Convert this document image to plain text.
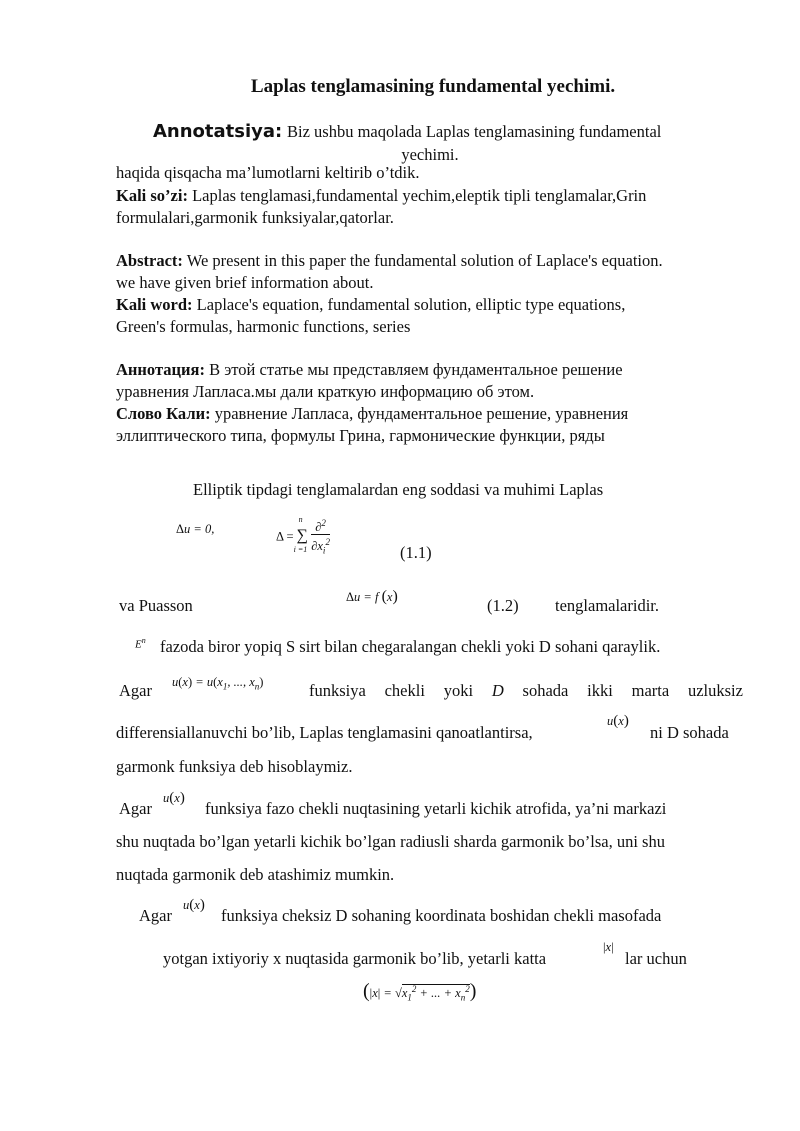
Laplas tenglamasining fundamental yechimi.
Annotatsiya: Biz ushbu maqolada Laplas tenglamasining fundamental
yechimi.
haqida qisqacha ma’lumotlarni keltirib o’tdik.
Kali so’zi: Laplas tenglamasi,fundamental yechim,eleptik tipli tenglamalar,Grin
formulalari,garmonik funksiyalar,qatorlar.
Abstract: We present in this paper the fundamental solution of Laplace's equation.
we have given brief information about.
Kali word: Laplace's equation, fundamental solution, elliptic type equations,
Green's formulas, harmonic functions, series
Аннотация: В этой статье мы представляем фундаментальное решение
уравнения Лапласа.мы дали краткую информацию об этом.
Слово Кали: уравнение Лапласа, фундаментальное решение, уравнения
эллиптического типа, формулы Грина, гармонические функции, ряды
Elliptik tipdagi tenglamalardan eng soddasi va muhimi Laplas
Δu = 0,
Δ = ∑
n
i =1
$\frac{\partial^2}{\partial x_i^2}$	(1.1)
va Puasson	Δu = f (x)	(1.2) tenglamalaridir.
$E^n$ fazoda biror yopiq S sirt bilan chegaralangan chekli yoki D sohani qaraylik.
Agar $u(x) = u(x_1$, ..., $x_n$)	funksiya chekli yoki D sohada ikki marta uzluksiz
differensiallanuvchi bo’lib, Laplas tenglamasini qanoatlantirsa,
u(x)
ni D sohada
garmonk funksiya deb hisoblaymiz.
Agar
u(x)
funksiya fazo chekli nuqtasining yetarli kichik atrofida, ya’ni markazi
shu nuqtada bo’lgan yetarli kichik bo’lgan radiusli sharda garmonik bo’lsa, uni shu
nuqtada garmonik deb atashimiz mumkin.
Agar
u(x)
funksiya cheksiz D sohaning koordinata boshidan chekli masofada
yotgan ixtiyoriy x nuqtasida garmonik bo’lib, yetarli katta
|x|
lar uchun
($|x| = √x_1^2$ + ... + $x_n^2$)
